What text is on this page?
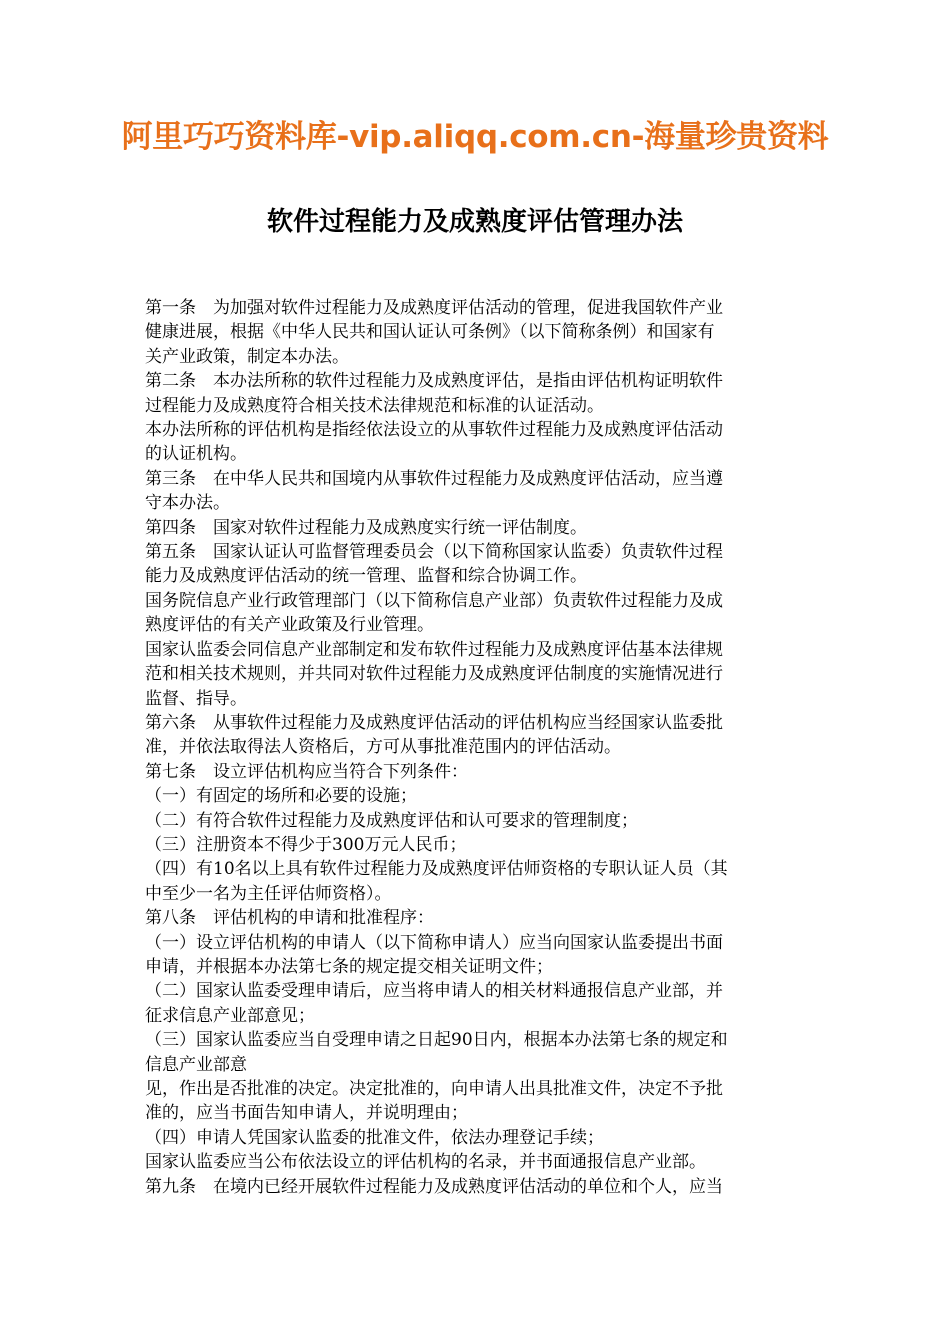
阿里巧巧资料库-vip.aliqq.com.cn-海量珍贵资料
软件过程能力及成熟度评估管理办法

第一条　为加强对软件过程能力及成熟度评估活动的管理，促进我国软件产业

健康进展，根据《中华人民共和国认证认可条例》（以下简称条例）和国家有

关产业政策，制定本办法。

第二条　本办法所称的软件过程能力及成熟度评估，是指由评估机构证明软件

过程能力及成熟度符合相关技术法律规范和标准的认证活动。

本办法所称的评估机构是指经依法设立的从事软件过程能力及成熟度评估活动

的认证机构。

第三条　在中华人民共和国境内从事软件过程能力及成熟度评估活动，应当遵

守本办法。

第四条　国家对软件过程能力及成熟度实行统一评估制度。

第五条　国家认证认可监督管理委员会（以下简称国家认监委）负责软件过程

能力及成熟度评估活动的统一管理、监督和综合协调工作。

国务院信息产业行政管理部门（以下简称信息产业部）负责软件过程能力及成

熟度评估的有关产业政策及行业管理。

国家认监委会同信息产业部制定和发布软件过程能力及成熟度评估基本法律规

范和相关技术规则，并共同对软件过程能力及成熟度评估制度的实施情况进行

监督、指导。

第六条　从事软件过程能力及成熟度评估活动的评估机构应当经国家认监委批

准，并依法取得法人资格后，方可从事批准范围内的评估活动。

第七条　设立评估机构应当符合下列条件：

（一）有固定的场所和必要的设施；

（二）有符合软件过程能力及成熟度评估和认可要求的管理制度；

（三）注册资本不得少于300万元人民币；

（四）有10名以上具有软件过程能力及成熟度评估师资格的专职认证人员（其

中至少一名为主任评估师资格）。

第八条　评估机构的申请和批准程序：

（一）设立评估机构的申请人（以下简称申请人）应当向国家认监委提出书面

申请，并根据本办法第七条的规定提交相关证明文件；

（二）国家认监委受理申请后，应当将申请人的相关材料通报信息产业部，并

征求信息产业部意见；

（三）国家认监委应当自受理申请之日起90日内，根据本办法第七条的规定和

信息产业部意

见，作出是否批准的决定。决定批准的，向申请人出具批准文件，决定不予批

准的，应当书面告知申请人，并说明理由；

（四）申请人凭国家认监委的批准文件，依法办理登记手续；

国家认监委应当公布依法设立的评估机构的名录，并书面通报信息产业部。

第九条　在境内已经开展软件过程能力及成熟度评估活动的单位和个人，应当
